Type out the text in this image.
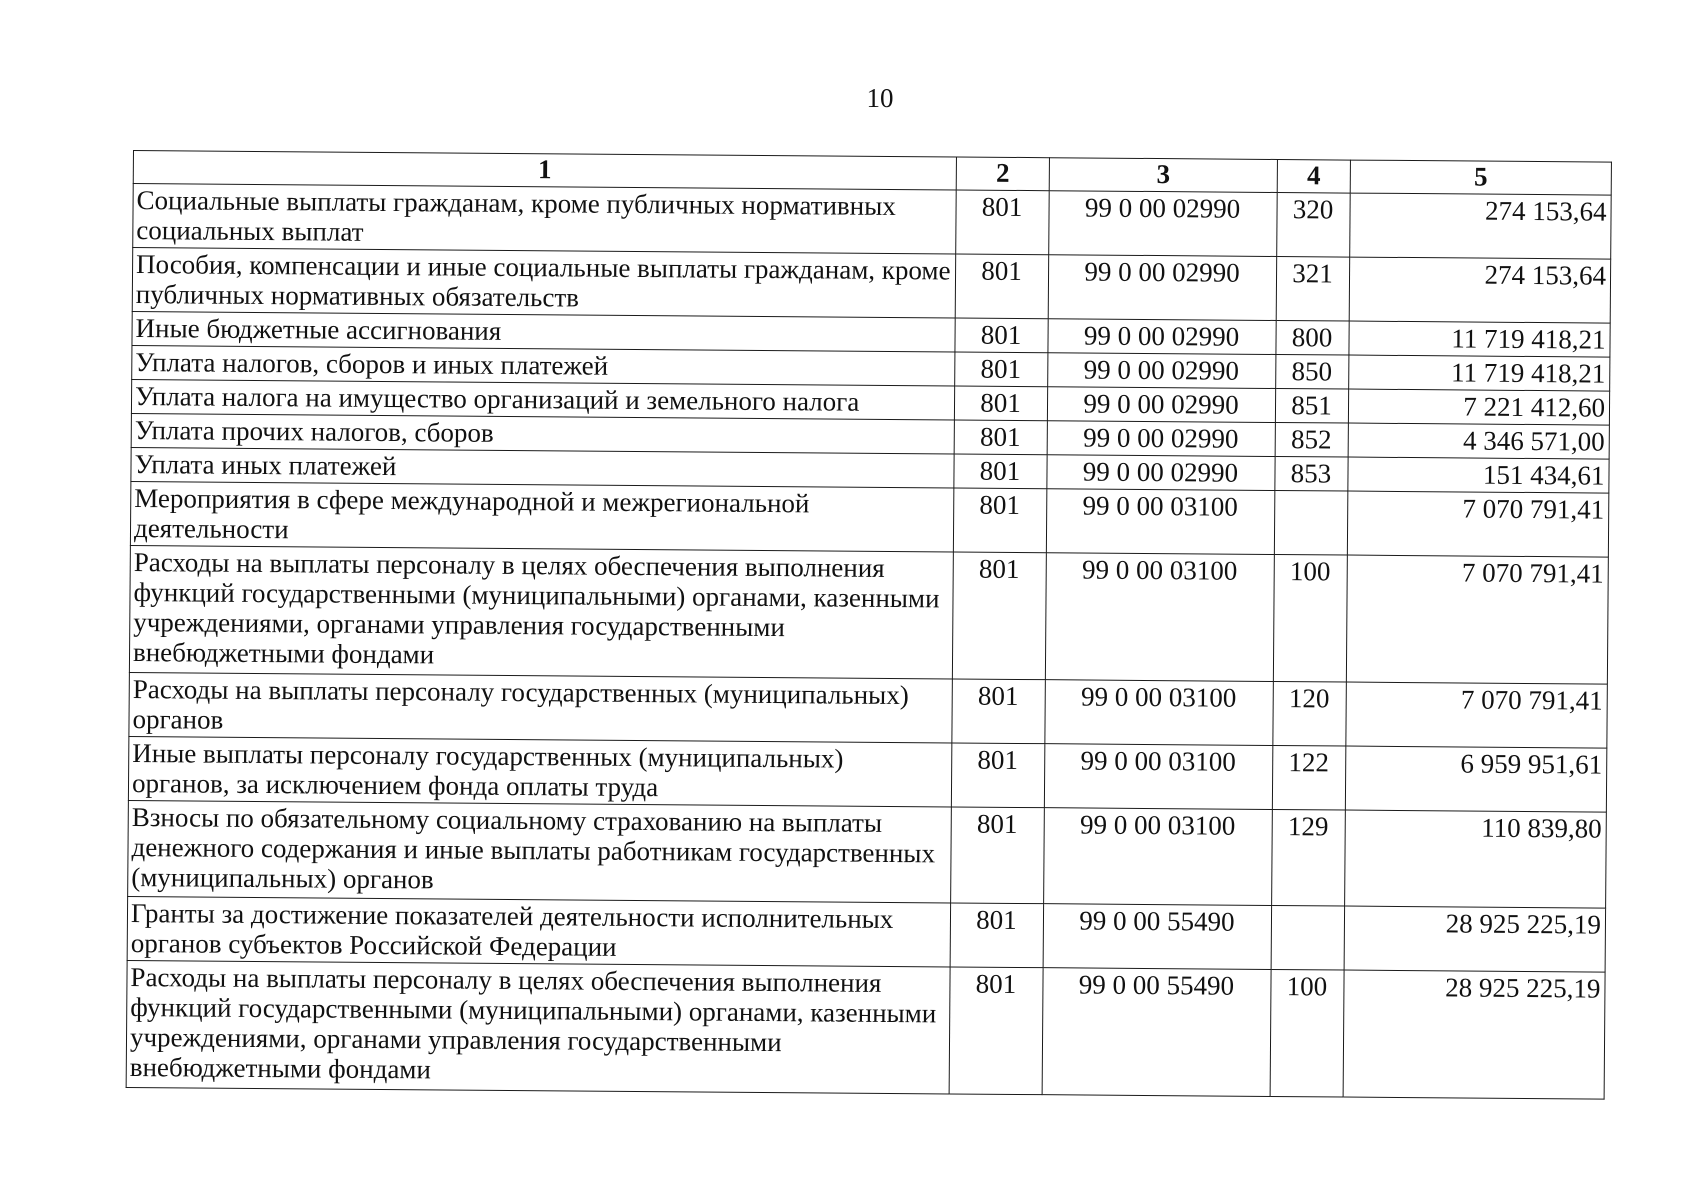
10
1	2	3	4	5
Социальные выплаты гражданам, кроме публичных нормативных социальных выплат	801	99 0 00 02990	320	274 153,64
Пособия, компенсации и иные социальные выплаты гражданам, кроме публичных нормативных обязательств	801	99 0 00 02990	321	274 153,64
Иные бюджетные ассигнования	801	99 0 00 02990	800	11 719 418,21
Уплата налогов, сборов и иных платежей	801	99 0 00 02990	850	11 719 418,21
Уплата налога на имущество организаций и земельного налога	801	99 0 00 02990	851	7 221 412,60
Уплата прочих налогов, сборов	801	99 0 00 02990	852	4 346 571,00
Уплата иных платежей	801	99 0 00 02990	853	151 434,61
Мероприятия в сфере международной и межрегиональной деятельности	801	99 0 00 03100		7 070 791,41
Расходы на выплаты персоналу в целях обеспечения выполнения функций государственными (муниципальными) органами, казенными учреждениями, органами управления государственными внебюджетными фондами	801	99 0 00 03100	100	7 070 791,41
Расходы на выплаты персоналу государственных (муниципальных) органов	801	99 0 00 03100	120	7 070 791,41
Иные выплаты персоналу государственных (муниципальных) органов, за исключением фонда оплаты труда	801	99 0 00 03100	122	6 959 951,61
Взносы по обязательному социальному страхованию на выплаты денежного содержания и иные выплаты работникам государственных (муниципальных) органов	801	99 0 00 03100	129	110 839,80
Гранты за достижение показателей деятельности исполнительных органов субъектов Российской Федерации	801	99 0 00 55490		28 925 225,19
Расходы на выплаты персоналу в целях обеспечения выполнения функций государственными (муниципальными) органами, казенными учреждениями, органами управления государственными внебюджетными фондами	801	99 0 00 55490	100	28 925 225,19
